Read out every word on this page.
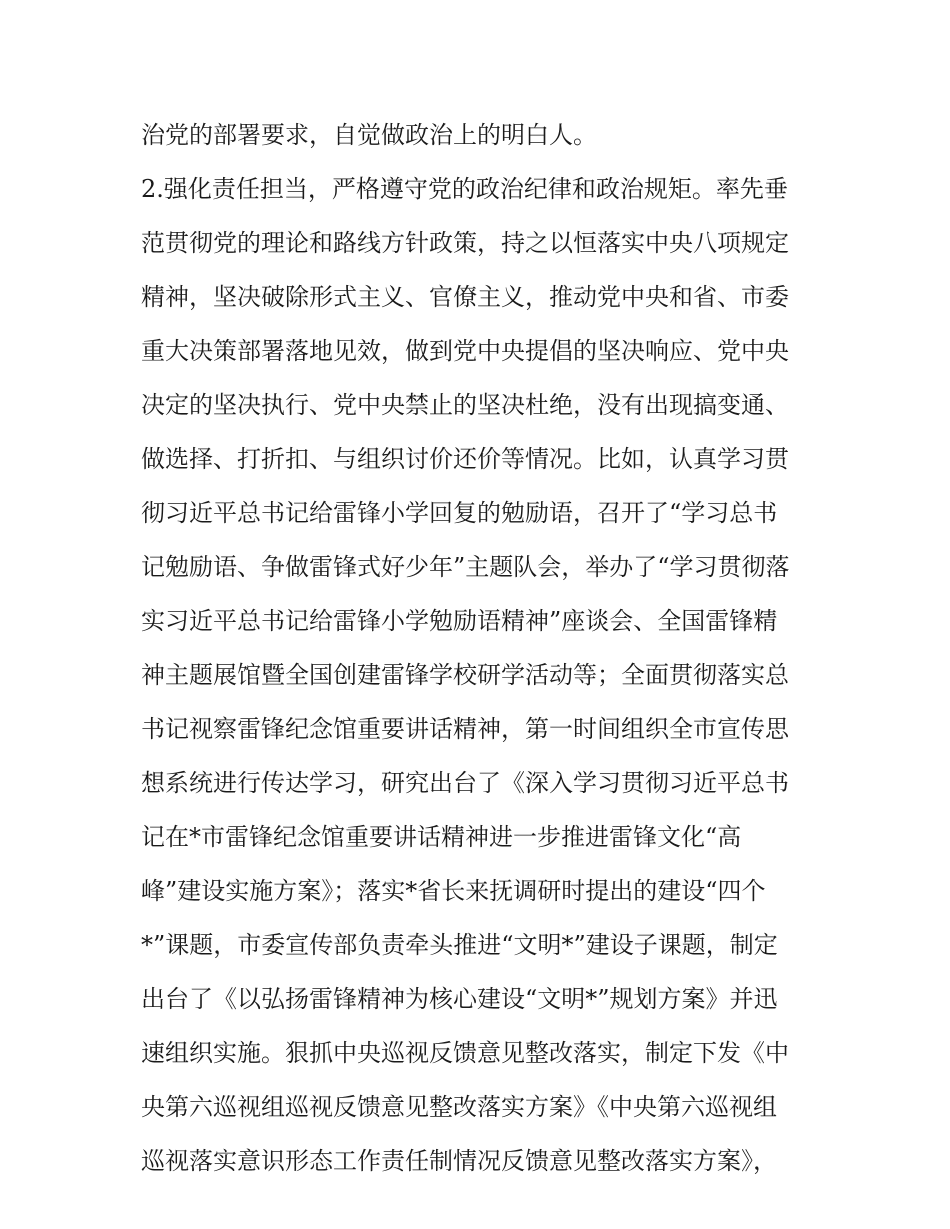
治党的部署要求，自觉做政治上的明白人。
2.强化责任担当，严格遵守党的政治纪律和政治规矩。率先垂
范贯彻党的理论和路线方针政策，持之以恒落实中央八项规定
精神，坚决破除形式主义、官僚主义，推动党中央和省、市委
重大决策部署落地见效，做到党中央提倡的坚决响应、党中央
决定的坚决执行、党中央禁止的坚决杜绝，没有出现搞变通、
做选择、打折扣、与组织讨价还价等情况。比如，认真学习贯
彻习近平总书记给雷锋小学回复的勉励语，召开了“学习总书
记勉励语、争做雷锋式好少年”主题队会，举办了“学习贯彻落
实习近平总书记给雷锋小学勉励语精神”座谈会、全国雷锋精
神主题展馆暨全国创建雷锋学校研学活动等；全面贯彻落实总
书记视察雷锋纪念馆重要讲话精神，第一时间组织全市宣传思
想系统进行传达学习，研究出台了《深入学习贯彻习近平总书
记在*市雷锋纪念馆重要讲话精神进一步推进雷锋文化“高
峰”建设实施方案》；落实*省长来抚调研时提出的建设“四个
*”课题，市委宣传部负责牵头推进“文明*”建设子课题，制定
出台了《以弘扬雷锋精神为核心建设“文明*”规划方案》并迅
速组织实施。狠抓中央巡视反馈意见整改落实，制定下发《中
央第六巡视组巡视反馈意见整改落实方案》《中央第六巡视组
巡视落实意识形态工作责任制情况反馈意见整改落实方案》，
